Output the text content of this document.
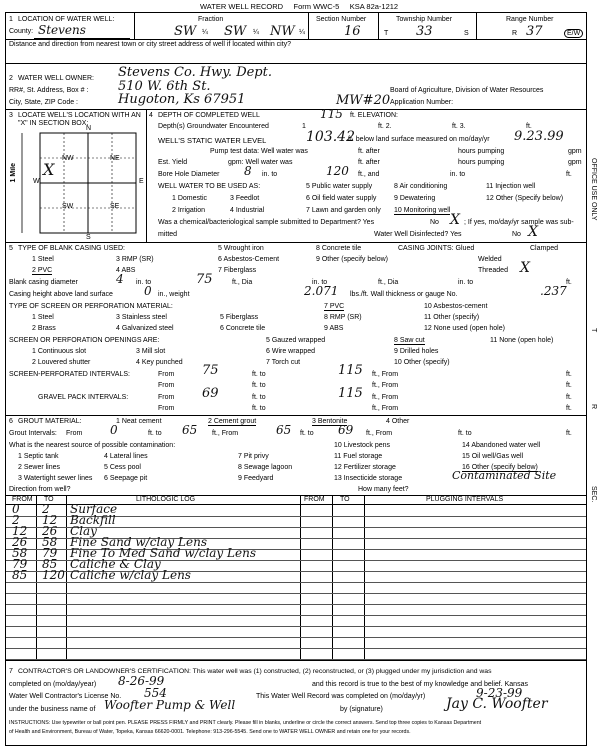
WATER WELL RECORD Form WWC-5 KSA 82a-1212
1 LOCATION OF WATER WELL:
County: Stevens
Fraction
SW ¼ SW ¼ NW ¼
Section Number
16
Township Number
T 33	S
Range Number
R 37	E/W
Distance and direction from nearest town or city street address of well if located within city?
2 WATER WELL OWNER: Stevens Co. Hwy. Dept.
RR#, St. Address, Box # : 510 W. 6th St.	Board of Agriculture, Division of Water Resources
City, State, ZIP Code :	Hugoton, Ks 67951	MW#20 Application Number:
3 LOCATE WELL'S LOCATION WITH AN "X" IN SECTION BOX:
N
S
W	E
NW	NE
SW	SE
1 Mile X
4 DEPTH OF COMPLETED WELL	115 ft. ELEVATION:
Depth(s) Groundwater Encountered	1	ft. 2.	ft. 3.	ft.
WELL'S STATIC WATER LEVEL	103.42
ft. below land surface measured on mo/day/yr 9.23.99
Pump test data: Well water was	ft. after	hours pumping	gpm
Est. Yield	gpm: Well water was	ft. after	hours pumping	gpm
Bore Hole Diameter 8 in. to	120 ft., and	in. to	ft.
WELL WATER TO BE USED AS:	5 Public water supply	8 Air conditioning	11 Injection well
1 Domestic	3 Feedlot	6 Oil field water supply	9 Dewatering	12 Other (Specify below)
2 Irrigation	4 Industrial	7 Lawn and garden only 10 Monitoring well
Was a chemical/bacteriological sample submitted to Department? Yes	No X ; If yes, mo/day/yr sample was sub-
mitted	Water Well Disinfected? Yes	No X
5 TYPE OF BLANK CASING USED:	5 Wrought iron	8 Concrete tile	CASING JOINTS: Glued	Clamped
1 Steel	3 RMP (SR)	6 Asbestos-Cement	9 Other (specify below)	Welded
2 PVC	4 ABS	7 Fiberglass	Threaded X
Blank casing diameter	4 in. to	75	ft., Dia	in. to	ft., Dia	in. to	ft.
Casing height above land surface	0 in., weight	2.071 lbs./ft. Wall thickness or gauge No.	.237
TYPE OF SCREEN OR PERFORATION MATERIAL:	7 PVC
1 Steel	3 Stainless steel	5 Fiberglass	8 RMP (SR)
10 Asbestos-cement
11 Other (specify)
2 Brass	4 Galvanized steel	6 Concrete tile	9 ABS	12 None used (open hole)
SCREEN OR PERFORATION OPENINGS ARE:	5 Gauzed wrapped	8 Saw cut	11 None (open hole)
1 Continuous slot	3 Mill slot	6 Wire wrapped	9 Drilled holes
2 Louvered shutter	4 Key punched	7 Torch cut	10 Other (specify)
SCREEN-PERFORATED INTERVALS:	From 75	ft. to	115 ft., From	ft.
From	ft. to	ft., From	ft.
GRAVEL PACK INTERVALS:	From 69	ft. to	115 ft., From	ft.
From	ft. to	ft., From	ft.
6 GROUT MATERIAL:	1 Neat cement	2 Cement grout	3 Bentonite	4 Other
Grout Intervals: From 0	ft. to 65 ft., From	65 ft. to 69 ft., From	ft. to	ft.
What is the nearest source of possible contamination:	10 Livestock pens	14 Abandoned water well
1 Septic tank	4 Lateral lines	7 Pit privy	11 Fuel storage	15 Oil well/Gas well
2 Sewer lines	5 Cess pool	8 Sewage lagoon	12 Fertilizer storage	16 Other (specify below)
3 Watertight sewer lines 6 Seepage pit	9 Feedyard	13 Insecticide storage	Contaminated Site
Direction from well?	How many feet?
FROM TO	LITHOLOGIC LOG	FROM TO	PLUGGING INTERVALS
0 2 Surface
2 12 Backfill
12 26 Clay
26 58 Fine Sand w/clay Lens
58 79 Fine To Med Sand w/clay Lens
79 85 Caliche & Clay
85 120 Caliche w/clay Lens
7 CONTRACTOR'S OR LANDOWNER'S CERTIFICATION: This water well was (1) constructed, (2) reconstructed, or (3) plugged under my jurisdiction and was
completed on (mo/day/year) 8-26-99	and this record is true to the best of my knowledge and belief. Kansas
Water Well Contractor's License No. 554	This Water Well Record was completed on (mo/day/yr)	9-23-99
under the business name of Woofter Pump & Well	by (signature)	Jay C. Woofter
INSTRUCTIONS: Use typewriter or ball point pen. PLEASE PRESS FIRMLY and PRINT clearly. Please fill in blanks, underline or circle the correct answers. Send top three copies to Kansas Department
of Health and Environment, Bureau of Water, Topeka, Kansas 66620-0001. Telephone: 913-296-5545. Send one to WATER WELL OWNER and retain one for your records.
OFFICE USE ONLY
T
R
SEC.
